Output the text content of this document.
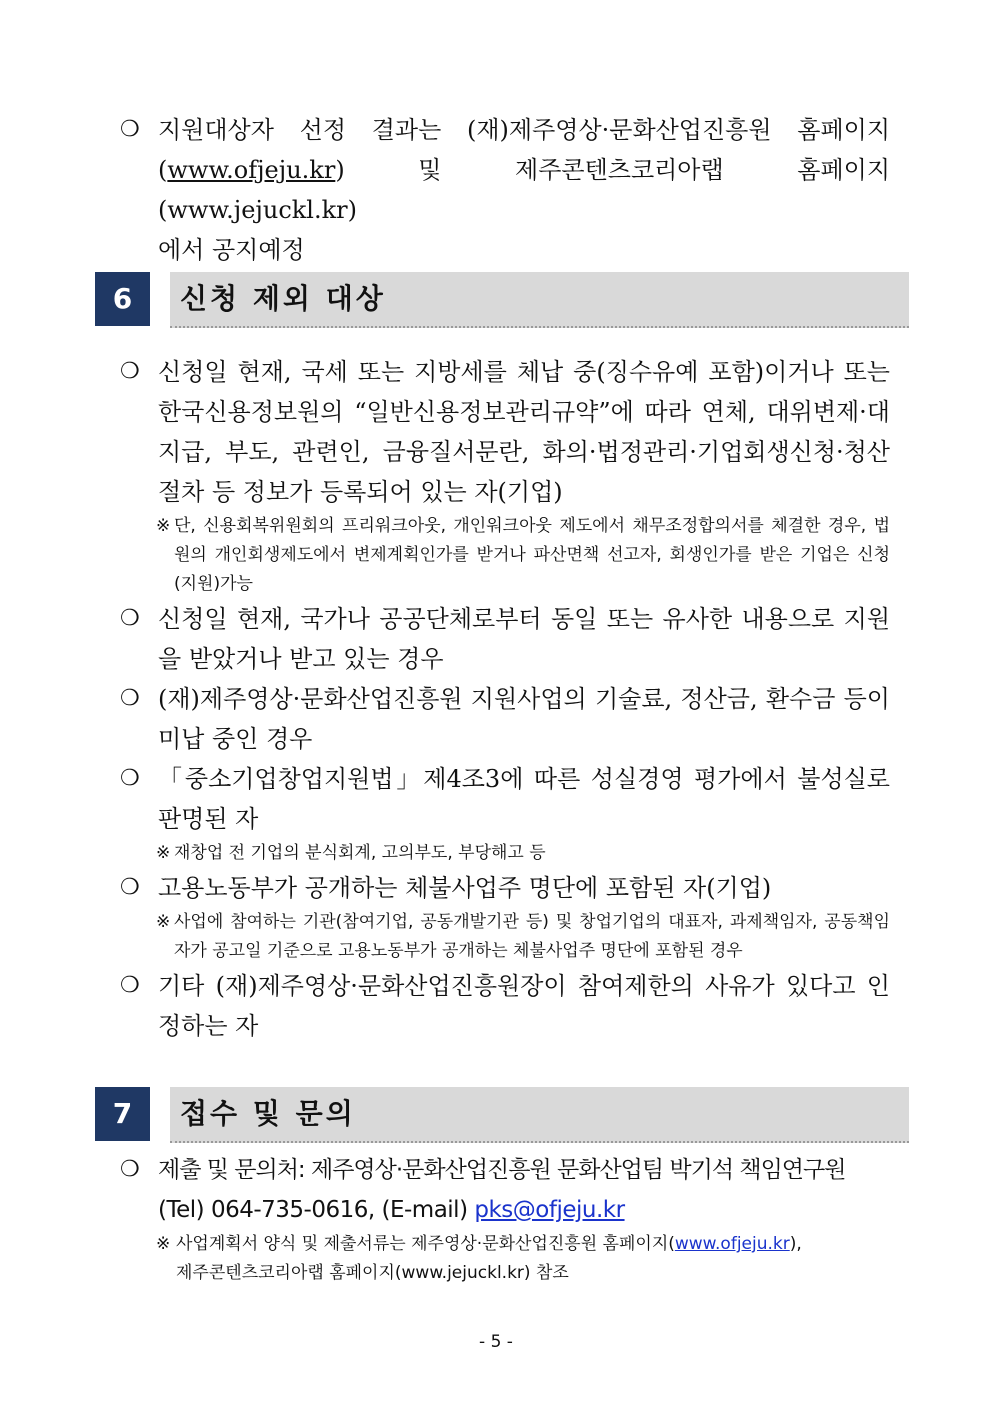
❍ 지원대상자 선정 결과는 (재)제주영상·문화산업진흥원 홈페이지
(www.ofjeju.kr) 및 제주콘텐츠코리아랩 홈페이지(www.jejuckl.kr)
에서 공지예정
6	신청 제외 대상
❍ 신청일 현재, 국세 또는 지방세를 체납 중(징수유예 포함)이거나 또는 한국신용정보원의 “일반신용정보관리규약”에 따라 연체, 대위변제·대지급, 부도, 관련인, 금융질서문란, 화의·법정관리·기업회생신청·청산절차 등 정보가 등록되어 있는 자(기업)
※ 단, 신용회복위원회의 프리워크아웃, 개인워크아웃 제도에서 채무조정합의서를 체결한 경우, 법원의 개인회생제도에서 변제계획인가를 받거나 파산면책 선고자, 회생인가를 받은 기업은 신청(지원)가능
❍ 신청일 현재, 국가나 공공단체로부터 동일 또는 유사한 내용으로 지원을 받았거나 받고 있는 경우
❍ (재)제주영상·문화산업진흥원 지원사업의 기술료, 정산금, 환수금 등이 미납 중인 경우
❍ 「중소기업창업지원법」제4조3에 따른 성실경영 평가에서 불성실로 판명된 자
※ 재창업 전 기업의 분식회계, 고의부도, 부당해고 등
❍ 고용노동부가 공개하는 체불사업주 명단에 포함된 자(기업)
※ 사업에 참여하는 기관(참여기업, 공동개발기관 등) 및 창업기업의 대표자, 과제책임자, 공동책임자가 공고일 기준으로 고용노동부가 공개하는 체불사업주 명단에 포함된 경우
❍ 기타 (재)제주영상·문화산업진흥원장이 참여제한의 사유가 있다고 인정하는 자
7	접수 및 문의
❍ 제출 및 문의처: 제주영상·문화산업진흥원 문화산업팀 박기석 책임연구원
(Tel) 064-735-0616, (E-mail) pks@ofjeju.kr
※ 사업계획서 양식 및 제출서류는 제주영상·문화산업진흥원 홈페이지(www.ofjeju.kr),
제주콘텐츠코리아랩 홈페이지(www.jejuckl.kr) 참조
- 5 -
